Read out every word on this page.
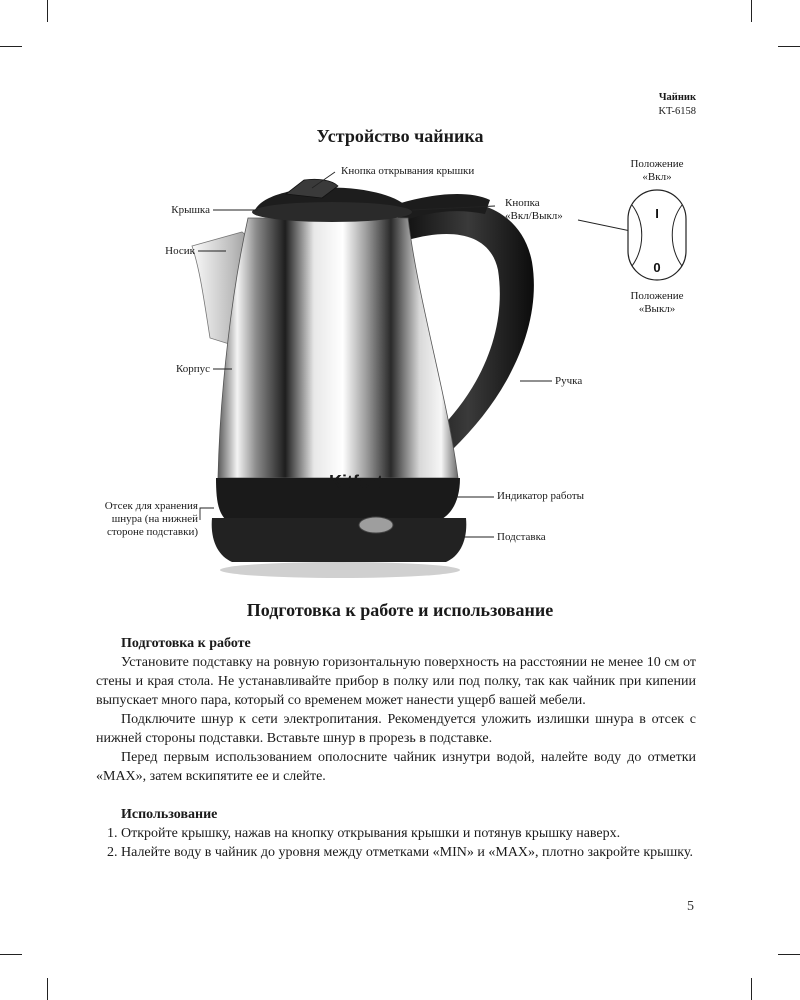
Чайник
KT-6158
Устройство чайника
Kitfort
I
0
Кнопка открывания крышки
Крышка
Носик
Корпус
Отсек для хранения
шнура (на нижней
стороне подставки)
Кнопка
«Вкл/Выкл»
Ручка
Индикатор работы
Подставка
Положение
«Вкл»
Положение
«Выкл»
Подготовка к работе и использование
Подготовка к работе

Установите подставку на ровную горизонтальную поверхность на расстоянии не менее 10 см от стены и края стола. Не устанавливайте прибор в полку или под полку, так как чайник при кипении выпускает много пара, который со временем может нанести ущерб вашей мебели.

Подключите шнур к сети электропитания. Рекомендуется уложить излишки шнура в отсек с нижней стороны подставки. Вставьте шнур в прорезь в подставке.

Перед первым использованием ополосните чайник изнутри водой, налейте воду до отметки «MAX», затем вскипятите ее и слейте.

Использование
1. Откройте крышку, нажав на кнопку открывания крышки и потянув крышку наверх.
2. Налейте воду в чайник до уровня между отметками «MIN» и «MAX», плотно закройте крышку.
5
